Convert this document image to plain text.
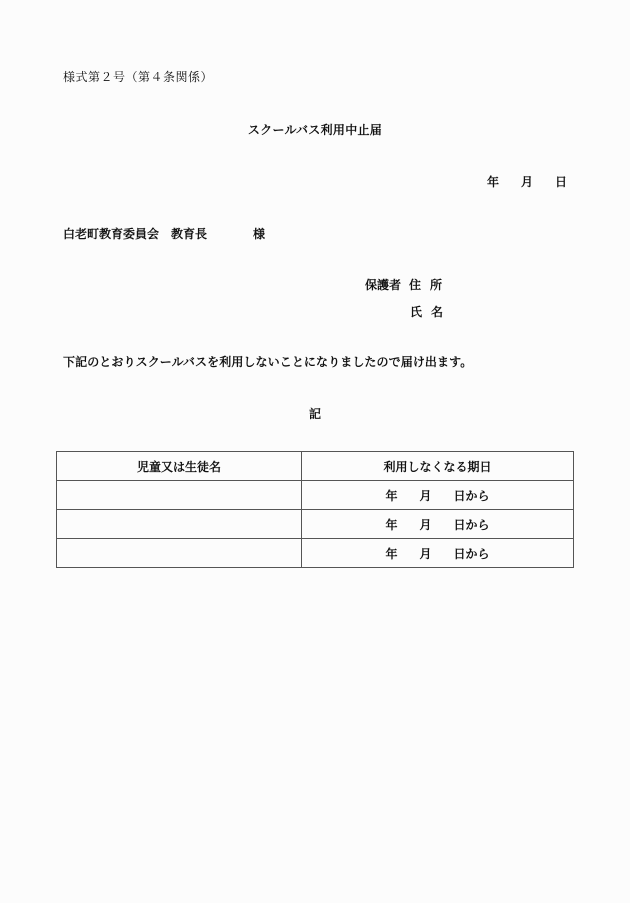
様式第２号（第４条関係）
スクールバス利用中止届
年 月 日
白老町教育委員会 教育長	様
保護者 住 所
氏 名
下記のとおりスクールバスを利用しないことになりましたので届け出ます。
記
児童又は生徒名	利用しなくなる期日
	年 月 日から
	年 月 日から
	年 月 日から
